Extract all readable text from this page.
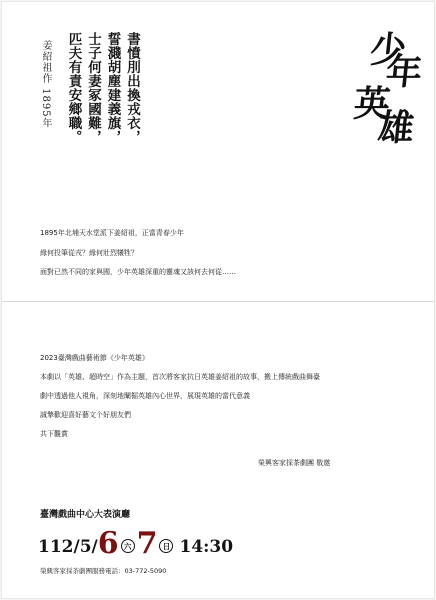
書憤刖出換戎衣，
誓濺胡塵建義旗，
士子何妻冢國難，
匹夫有責安鄉職。
姜紹祖作 1895年	少
年
英
雄

1895年北埔天水堂派下姜紹祖，正當青春少年

緣何投筆從戎？緣何壯烈犧牲？

面對已然不同的家與國，少年英雄深重的靈魂又該何去何從……

2023臺灣戲曲藝術節《少年英雄》

本劇以「英雄、超時空」作為主題，首次將客家抗日英雄姜紹祖的故事，搬上傳統戲曲舞臺

劇中透過他人視角，深刻地闡掘英雄內心世界，展現英雄的當代意義

誠摯歡迎喜好藝文个好朋友們

共下觀賞

榮興客家採茶劇團 敬邀
臺灣戲曲中心大表演廳
112/5/ 6 六 7 日 14:30
榮興客家採茶劇團服務電話：03-772-5090
